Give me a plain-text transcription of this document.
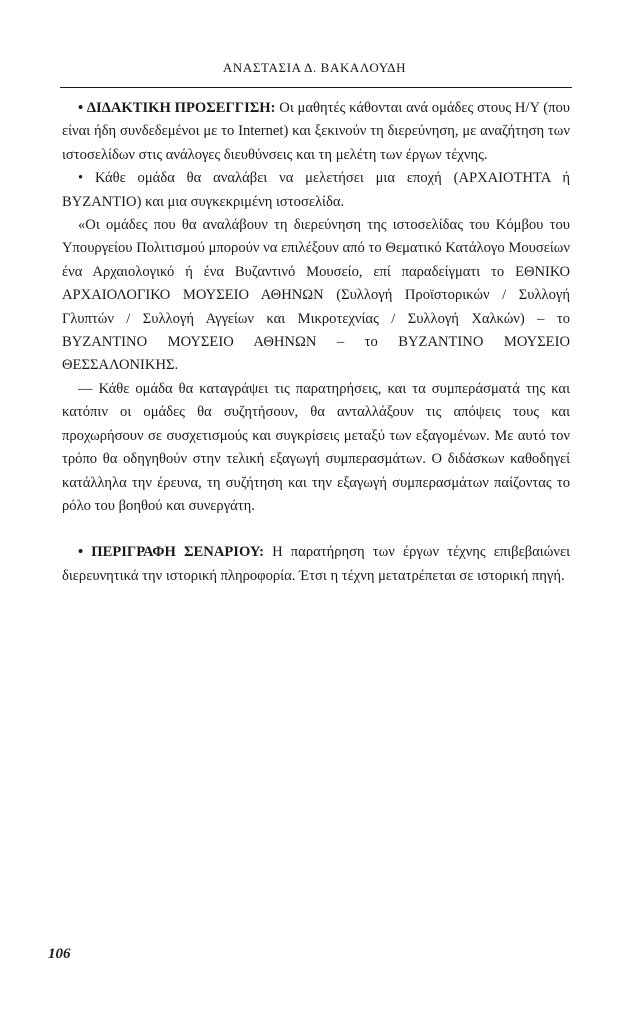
ΑΝΑΣΤΑΣΙΑ Δ. ΒΑΚΑΛΟΥΔΗ

• ΔΙΔΑΚΤΙΚΗ ΠΡΟΣΕΓΓΙΣΗ: Οι μαθητές κάθονται ανά ομάδες στους Η/Υ (που είναι ήδη συνδεδεμένοι με το Internet) και ξεκινούν τη διερεύνηση, με αναζήτηση των ιστοσελίδων στις ανάλογες διευθύνσεις και τη μελέτη των έργων τέχνης.

• Κάθε ομάδα θα αναλάβει να μελετήσει μια εποχή (ΑΡΧΑΙΟΤΗΤΑ ή ΒΥΖΑΝΤΙΟ) και μια συγκεκριμένη ιστοσελίδα.

«Οι ομάδες που θα αναλάβουν τη διερεύνηση της ιστοσελίδας του Κόμβου του Υπουργείου Πολιτισμού μπορούν να επιλέξουν από το Θεματικό Κατάλογο Μουσείων ένα Αρχαιολογικό ή ένα Βυζαντινό Μουσείο, επί παραδείγματι το ΕΘΝΙΚΟ ΑΡΧΑΙΟΛΟΓΙΚΟ ΜΟΥΣΕΙΟ ΑΘΗΝΩΝ (Συλλογή Προϊστορικών / Συλλογή Γλυπτών / Συλλογή Αγγείων και Μικροτεχνίας / Συλλογή Χαλκών) – το ΒΥΖΑΝΤΙΝΟ ΜΟΥΣΕΙΟ ΑΘΗΝΩΝ – το ΒΥΖΑΝΤΙΝΟ ΜΟΥΣΕΙΟ ΘΕΣΣΑΛΟΝΙΚΗΣ.

— Κάθε ομάδα θα καταγράψει τις παρατηρήσεις, και τα συμπεράσματά της και κατόπιν οι ομάδες θα συζητήσουν, θα ανταλλάξουν τις απόψεις τους και προχωρήσουν σε συσχετισμούς και συγκρίσεις μεταξύ των εξαγομένων. Με αυτό τον τρόπο θα οδηγηθούν στην τελική εξαγωγή συμπερασμάτων. Ο διδάσκων καθοδηγεί κατάλληλα την έρευνα, τη συζήτηση και την εξαγωγή συμπερασμάτων παίζοντας το ρόλο του βοηθού και συνεργάτη.

• ΠΕΡΙΓΡΑΦΗ ΣΕΝΑΡΙΟΥ: Η παρατήρηση των έργων τέχνης επιβεβαιώνει διερευνητικά την ιστορική πληροφορία. Έτσι η τέχνη μετατρέπεται σε ιστορική πηγή.

106
